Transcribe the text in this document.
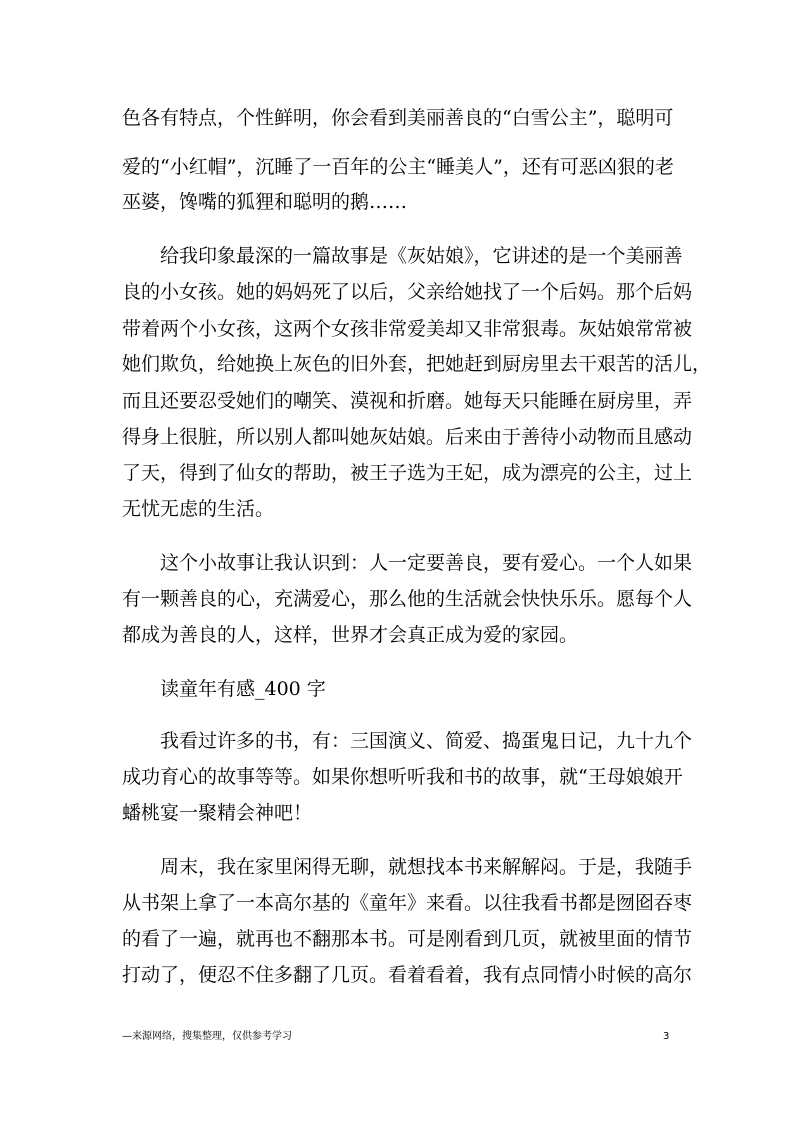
色各有特点，个性鲜明，你会看到美丽善良的“白雪公主”，聪明可
爱的“小红帽”，沉睡了一百年的公主“睡美人”，还有可恶凶狠的老
巫婆，馋嘴的狐狸和聪明的鹅……
给我印象最深的一篇故事是《灰姑娘》，它讲述的是一个美丽善
良的小女孩。她的妈妈死了以后，父亲给她找了一个后妈。那个后妈
带着两个小女孩，这两个女孩非常爱美却又非常狠毒。灰姑娘常常被
她们欺负，给她换上灰色的旧外套，把她赶到厨房里去干艰苦的活儿，
而且还要忍受她们的嘲笑、漠视和折磨。她每天只能睡在厨房里，弄
得身上很脏，所以别人都叫她灰姑娘。后来由于善待小动物而且感动
了天，得到了仙女的帮助，被王子选为王妃，成为漂亮的公主，过上
无忧无虑的生活。
这个小故事让我认识到：人一定要善良，要有爱心。一个人如果
有一颗善良的心，充满爱心，那么他的生活就会快快乐乐。愿每个人
都成为善良的人，这样，世界才会真正成为爱的家园。
读童年有感_400 字
我看过许多的书，有：三国演义、简爱、捣蛋鬼日记，九十九个
成功育心的故事等等。如果你想听听我和书的故事，就“王母娘娘开
蟠桃宴一聚精会神吧！
周末，我在家里闲得无聊，就想找本书来解解闷。于是，我随手
从书架上拿了一本高尔基的《童年》来看。以往我看书都是囫囵吞枣
的看了一遍，就再也不翻那本书。可是刚看到几页，就被里面的情节
打动了，便忍不住多翻了几页。看着看着，我有点同情小时候的高尔
—来源网络，搜集整理，仅供参考学习	3
